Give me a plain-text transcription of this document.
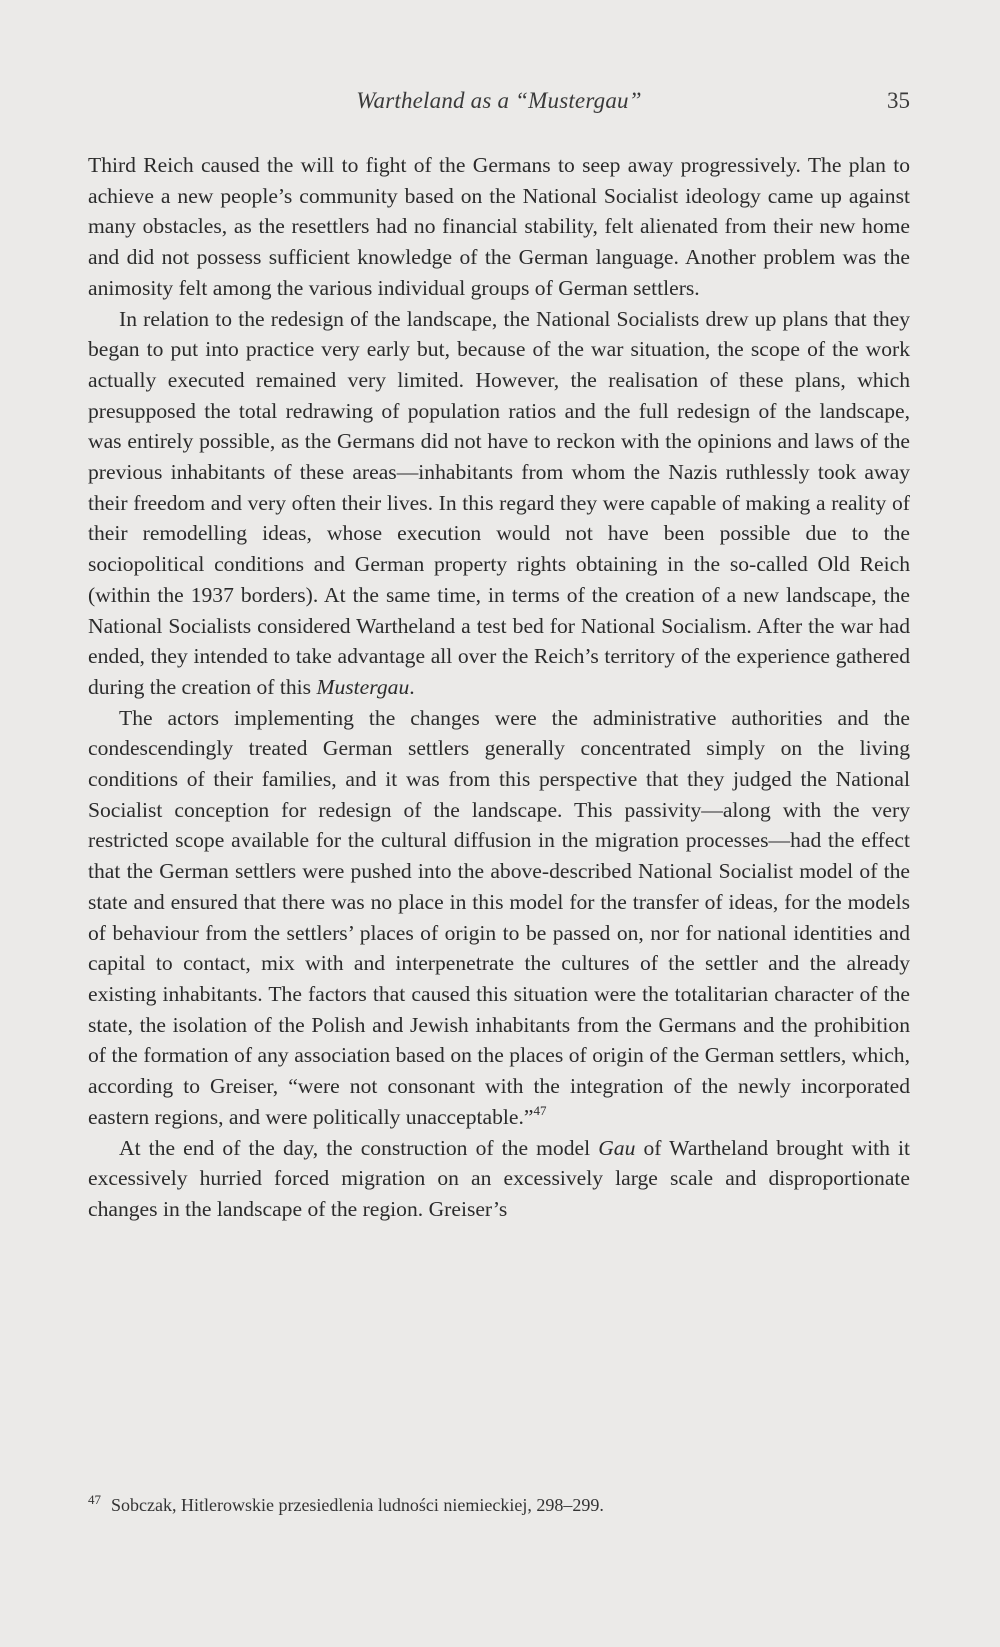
Wartheland as a “Mustergau”	35

Third Reich caused the will to fight of the Germans to seep away progressively. The plan to achieve a new people’s community based on the National Socialist ideology came up against many obstacles, as the resettlers had no financial stability, felt alienated from their new home and did not possess sufficient knowledge of the German language. Another problem was the animosity felt among the various individual groups of German settlers.

In relation to the redesign of the landscape, the National Socialists drew up plans that they began to put into practice very early but, because of the war situation, the scope of the work actually executed remained very limited. However, the realisation of these plans, which presupposed the total redrawing of population ratios and the full redesign of the landscape, was entirely possible, as the Germans did not have to reckon with the opinions and laws of the previous inhabitants of these areas—inhabitants from whom the Nazis ruthlessly took away their freedom and very often their lives. In this regard they were capable of making a reality of their remodelling ideas, whose execution would not have been possible due to the sociopolitical conditions and German property rights obtaining in the so-called Old Reich (within the 1937 borders). At the same time, in terms of the creation of a new landscape, the National Socialists considered Wartheland a test bed for National Socialism. After the war had ended, they intended to take advantage all over the Reich’s territory of the experience gathered during the creation of this Mustergau.

The actors implementing the changes were the administrative authorities and the condescendingly treated German settlers generally concentrated simply on the living conditions of their families, and it was from this perspective that they judged the National Socialist conception for redesign of the landscape. This passivity—along with the very restricted scope available for the cultural diffusion in the migration processes—had the effect that the German settlers were pushed into the above-described National Socialist model of the state and ensured that there was no place in this model for the transfer of ideas, for the models of behaviour from the settlers’ places of origin to be passed on, nor for national identities and capital to contact, mix with and interpenetrate the cultures of the settler and the already existing inhabitants. The factors that caused this situation were the totalitarian character of the state, the isolation of the Polish and Jewish inhabitants from the Germans and the prohibition of the formation of any association based on the places of origin of the German settlers, which, according to Greiser, “were not consonant with the integration of the newly incorporated eastern regions, and were politically unacceptable.”$^{47}$

At the end of the day, the construction of the model Gau of Wartheland brought with it excessively hurried forced migration on an excessively large scale and disproportionate changes in the landscape of the region. Greiser’s

$^{47}$ Sobczak, Hitlerowskie przesiedlenia ludności niemieckiej, 298–299.
